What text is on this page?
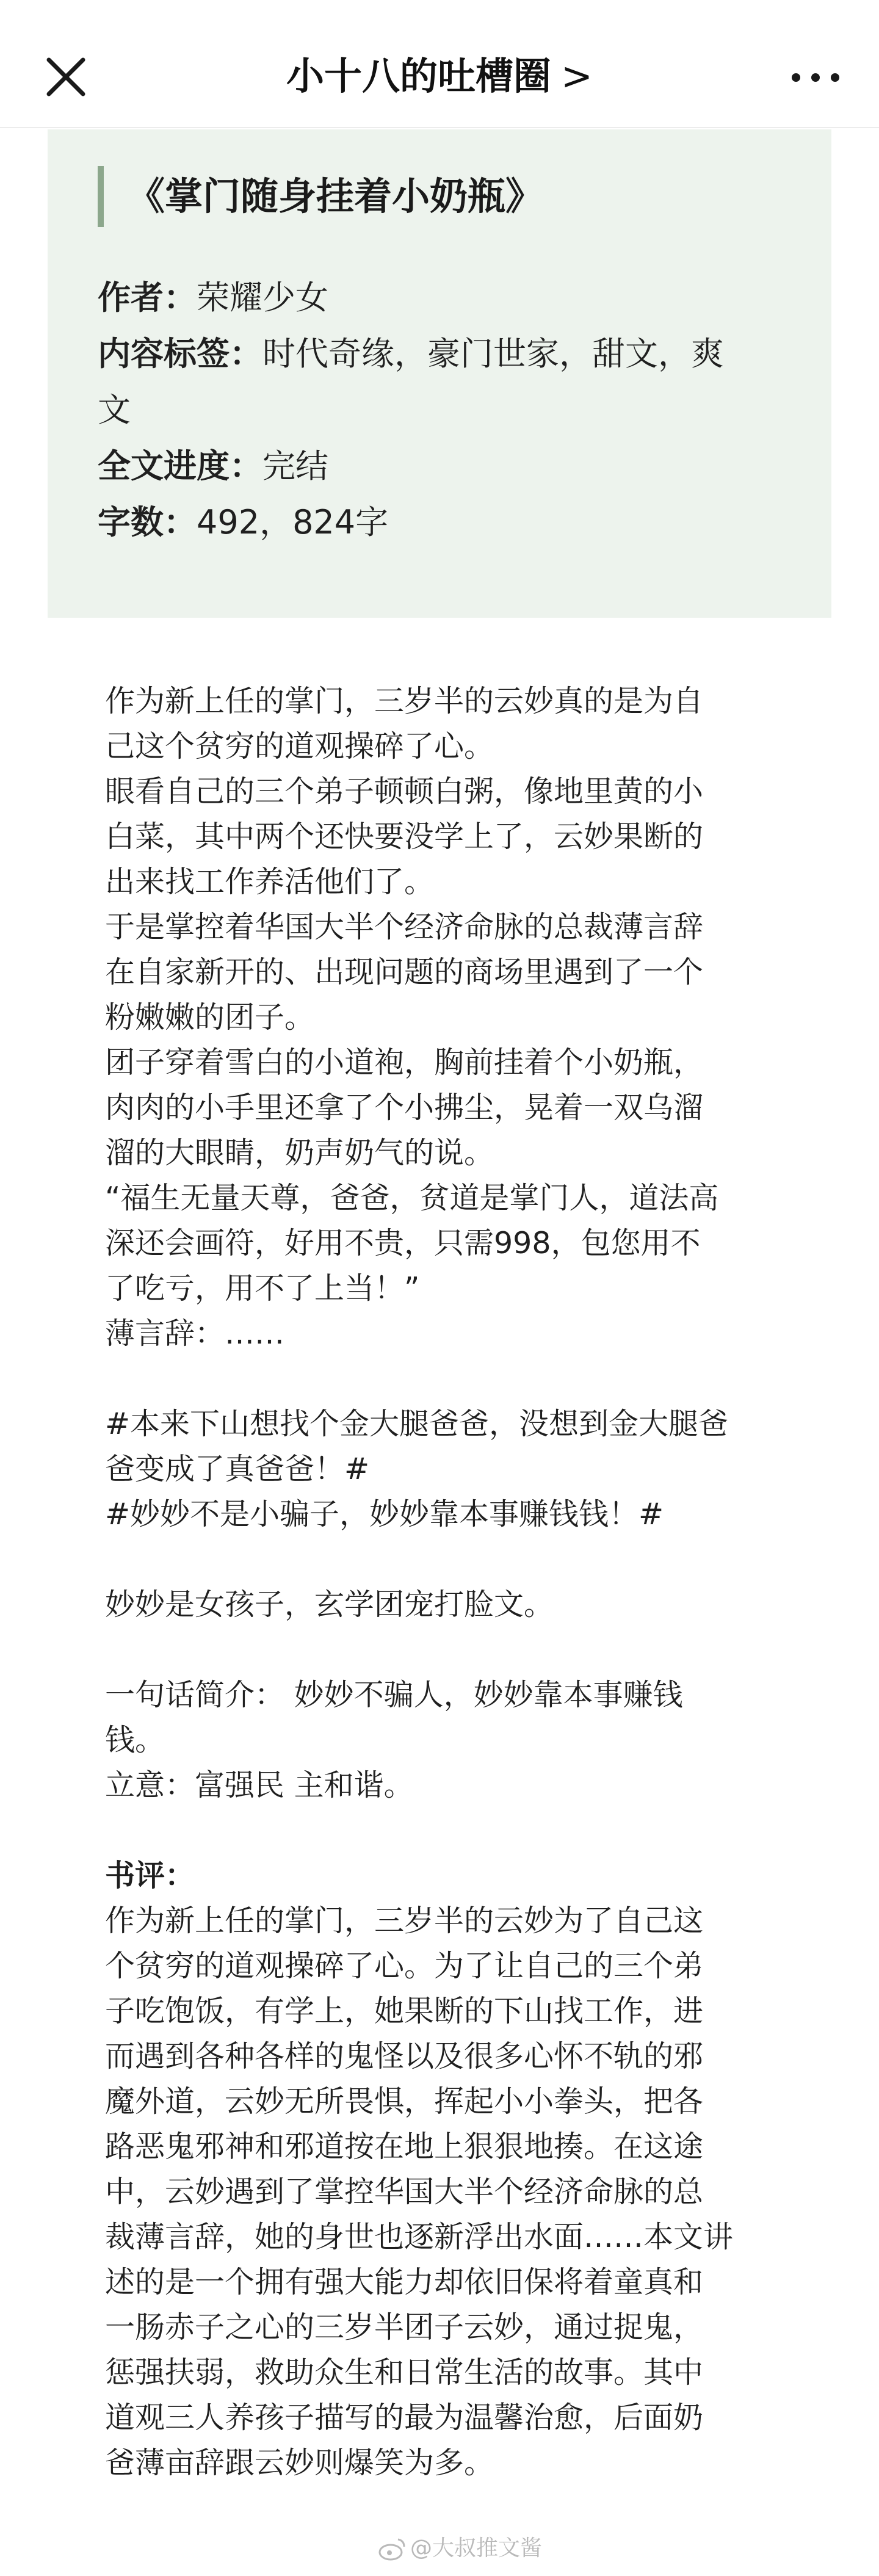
小十八的吐槽圈 >
《掌门随身挂着小奶瓶》

作者：荣耀少女

内容标签：时代奇缘，豪门世家，甜文，爽

文

全文进度：完结

字数：492，824字

作为新上任的掌门，三岁半的云妙真的是为自

己这个贫穷的道观操碎了心。

眼看自己的三个弟子顿顿白粥，像地里黄的小

白菜，其中两个还快要没学上了，云妙果断的

出来找工作养活他们了。

于是掌控着华国大半个经济命脉的总裁薄言辞

在自家新开的、出现问题的商场里遇到了一个

粉嫩嫩的团子。

团子穿着雪白的小道袍，胸前挂着个小奶瓶，

肉肉的小手里还拿了个小拂尘，晃着一双乌溜

溜的大眼睛，奶声奶气的说。

“福生无量天尊，爸爸，贫道是掌门人，道法高

深还会画符，好用不贵，只需998，包您用不

了吃亏，用不了上当！”

薄言辞：……

#本来下山想找个金大腿爸爸，没想到金大腿爸

爸变成了真爸爸！#

#妙妙不是小骗子，妙妙靠本事赚钱钱！#

妙妙是女孩子，玄学团宠打脸文。

一句话简介： 妙妙不骗人，妙妙靠本事赚钱

钱。

立意：富强民 主和谐。

书评：

作为新上任的掌门，三岁半的云妙为了自己这

个贫穷的道观操碎了心。为了让自己的三个弟

子吃饱饭，有学上，她果断的下山找工作，进

而遇到各种各样的鬼怪以及很多心怀不轨的邪

魔外道，云妙无所畏惧，挥起小小拳头，把各

路恶鬼邪神和邪道按在地上狠狠地揍。在这途

中，云妙遇到了掌控华国大半个经济命脉的总

裁薄言辞，她的身世也逐新浮出水面……本文讲

述的是一个拥有强大能力却依旧保将着童真和

一肠赤子之心的三岁半团子云妙，通过捉鬼，

惩强扶弱，救助众生和日常生活的故事。其中

道观三人养孩子描写的最为温馨治愈，后面奶

爸薄亩辞跟云妙则爆笑为多。

@大叔推文酱
